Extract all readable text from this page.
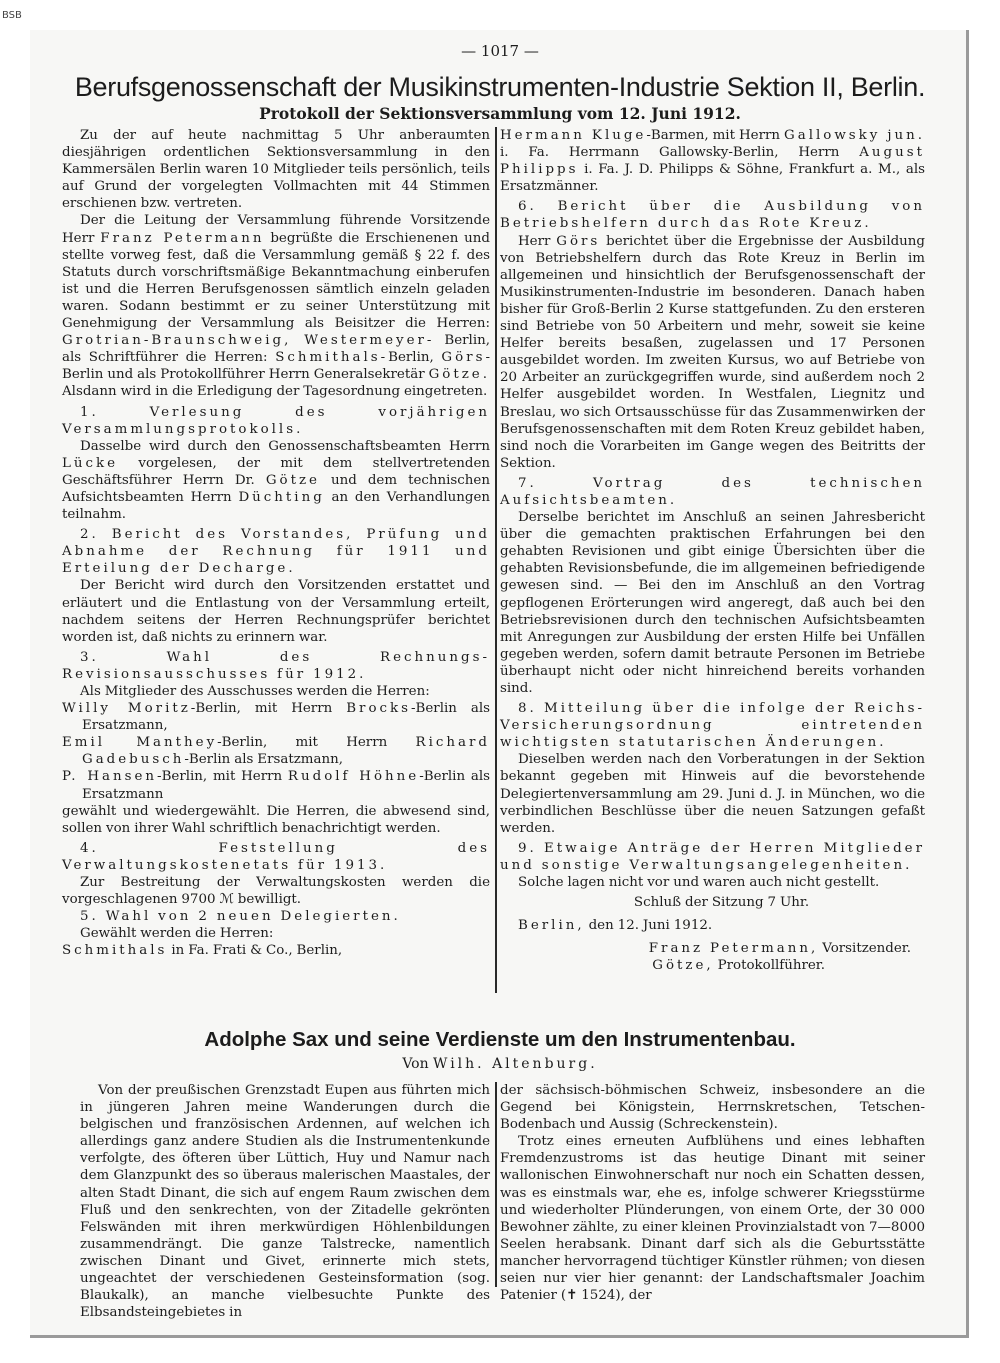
BSB
— 1017 —
Berufsgenossenschaft der Musikinstrumenten-Industrie Sektion II, Berlin.
Protokoll der Sektionsversammlung vom 12. Juni 1912.

Zu der auf heute nachmittag 5 Uhr anberaumten diesjährigen ordentlichen Sektionsversammlung in den Kammersälen Berlin waren 10 Mitglieder teils persönlich, teils auf Grund der vorgelegten Vollmachten mit 44 Stimmen erschienen bzw. vertreten.

Der die Leitung der Versammlung führende Vorsitzende Herr Franz Petermann begrüßte die Erschienenen und stellte vorweg fest, daß die Versammlung gemäß § 22 f. des Statuts durch vorschriftsmäßige Bekanntmachung einberufen ist und die Herren Berufsgenossen sämtlich einzeln geladen waren. Sodann bestimmt er zu seiner Unterstützung mit Genehmigung der Versammlung als Beisitzer die Herren: Grotrian-Braunschweig, Westermeyer- Berlin, als Schriftführer die Herren: Schmithals-Berlin, Görs-Berlin und als Protokollführer Herrn Generalsekretär Götze. Alsdann wird in die Erledigung der Tagesordnung eingetreten.

1. Verlesung des vorjährigen Versammlungsprotokolls.

Dasselbe wird durch den Genossenschaftsbeamten Herrn Lücke vorgelesen, der mit dem stellvertretenden Geschäftsführer Herrn Dr. Götze und dem technischen Aufsichtsbeamten Herrn Düchting an den Verhandlungen teilnahm.

2. Bericht des Vorstandes, Prüfung und Abnahme der Rechnung für 1911 und Erteilung der Decharge.

Der Bericht wird durch den Vorsitzenden erstattet und erläutert und die Entlastung von der Versammlung erteilt, nachdem seitens der Herren Rechnungsprüfer berichtet worden ist, daß nichts zu erinnern war.

3. Wahl des Rechnungs-Revisionsausschusses für 1912.

Als Mitglieder des Ausschusses werden die Herren:

Willy Moritz-Berlin, mit Herrn Brocks-Berlin als Ersatzmann,

Emil Manthey-Berlin, mit Herrn Richard Gadebusch-Berlin als Ersatzmann,

P. Hansen-Berlin, mit Herrn Rudolf Höhne-Berlin als Ersatzmann

gewählt und wiedergewählt. Die Herren, die abwesend sind, sollen von ihrer Wahl schriftlich benachrichtigt werden.

4. Feststellung des Verwaltungskostenetats für 1913.

Zur Bestreitung der Verwaltungskosten werden die vorgeschlagenen 9700 ℳ bewilligt.

5. Wahl von 2 neuen Delegierten.

Gewählt werden die Herren:

Schmithals in Fa. Frati & Co., Berlin,

Hermann Kluge-Barmen, mit Herrn Gallowsky jun. i. Fa. Herrmann Gallowsky-Berlin, Herrn August Philipps i. Fa. J. D. Philipps & Söhne, Frankfurt a. M., als Ersatzmänner.

6. Bericht über die Ausbildung von Betriebshelfern durch das Rote Kreuz.

Herr Görs berichtet über die Ergebnisse der Ausbildung von Betriebshelfern durch das Rote Kreuz in Berlin im allgemeinen und hinsichtlich der Berufsgenossenschaft der Musikinstrumenten-Industrie im besonderen. Danach haben bisher für Groß-Berlin 2 Kurse stattgefunden. Zu den ersteren sind Betriebe von 50 Arbeitern und mehr, soweit sie keine Helfer bereits besaßen, zugelassen und 17 Personen ausgebildet worden. Im zweiten Kursus, wo auf Betriebe von 20 Arbeiter an zurückgegriffen wurde, sind außerdem noch 2 Helfer ausgebildet worden. In Westfalen, Liegnitz und Breslau, wo sich Ortsausschüsse für das Zusammenwirken der Berufsgenossenschaften mit dem Roten Kreuz gebildet haben, sind noch die Vorarbeiten im Gange wegen des Beitritts der Sektion.

7. Vortrag des technischen Aufsichtsbeamten.

Derselbe berichtet im Anschluß an seinen Jahresbericht über die gemachten praktischen Erfahrungen bei den gehabten Revisionen und gibt einige Übersichten über die gehabten Revisionsbefunde, die im allgemeinen befriedigende gewesen sind. — Bei den im Anschluß an den Vortrag gepflogenen Erörterungen wird angeregt, daß auch bei den Betriebsrevisionen durch den technischen Aufsichtsbeamten mit Anregungen zur Ausbildung der ersten Hilfe bei Unfällen gegeben werden, sofern damit betraute Personen im Betriebe überhaupt nicht oder nicht hinreichend bereits vorhanden sind.

8. Mitteilung über die infolge der Reichs-Versicherungsordnung eintretenden wichtigsten statutarischen Änderungen.

Dieselben werden nach den Vorberatungen in der Sektion bekannt gegeben mit Hinweis auf die bevorstehende Delegiertenversammlung am 29. Juni d. J. in München, wo die verbindlichen Beschlüsse über die neuen Satzungen gefaßt werden.

9. Etwaige Anträge der Herren Mitglieder und sonstige Verwaltungsangelegenheiten.

Solche lagen nicht vor und waren auch nicht gestellt.

Schluß der Sitzung 7 Uhr.

Berlin, den 12. Juni 1912.

Franz Petermann, Vorsitzender.

Götze, Protokollführer.

Adolphe Sax und seine Verdienste um den Instrumentenbau.
Von Wilh. Altenburg.

Von der preußischen Grenzstadt Eupen aus führten mich in jüngeren Jahren meine Wanderungen durch die belgischen und französischen Ardennen, auf welchen ich allerdings ganz andere Studien als die Instrumentenkunde verfolgte, des öfteren über Lüttich, Huy und Namur nach dem Glanzpunkt des so überaus malerischen Maastales, der alten Stadt Dinant, die sich auf engem Raum zwischen dem Fluß und den senkrechten, von der Zitadelle gekrönten Felswänden mit ihren merkwürdigen Höhlenbildungen zusammendrängt. Die ganze Talstrecke, namentlich zwischen Dinant und Givet, erinnerte mich stets, ungeachtet der verschiedenen Gesteinsformation (sog. Blaukalk), an manche vielbesuchte Punkte des Elbsandsteingebietes in

der sächsisch-böhmischen Schweiz, insbesondere an die Gegend bei Königstein, Herrnskretschen, Tetschen-Bodenbach und Aussig (Schreckenstein).

Trotz eines erneuten Aufblühens und eines lebhaften Fremdenzustroms ist das heutige Dinant mit seiner wallonischen Einwohnerschaft nur noch ein Schatten dessen, was es einstmals war, ehe es, infolge schwerer Kriegsstürme und wiederholter Plünderungen, von einem Orte, der 30 000 Bewohner zählte, zu einer kleinen Provinzialstadt von 7—8000 Seelen herabsank. Dinant darf sich als die Geburtsstätte mancher hervorragend tüchtiger Künstler rühmen; von diesen seien nur vier hier genannt: der Landschaftsmaler Joachim Patenier (✝ 1524), der
